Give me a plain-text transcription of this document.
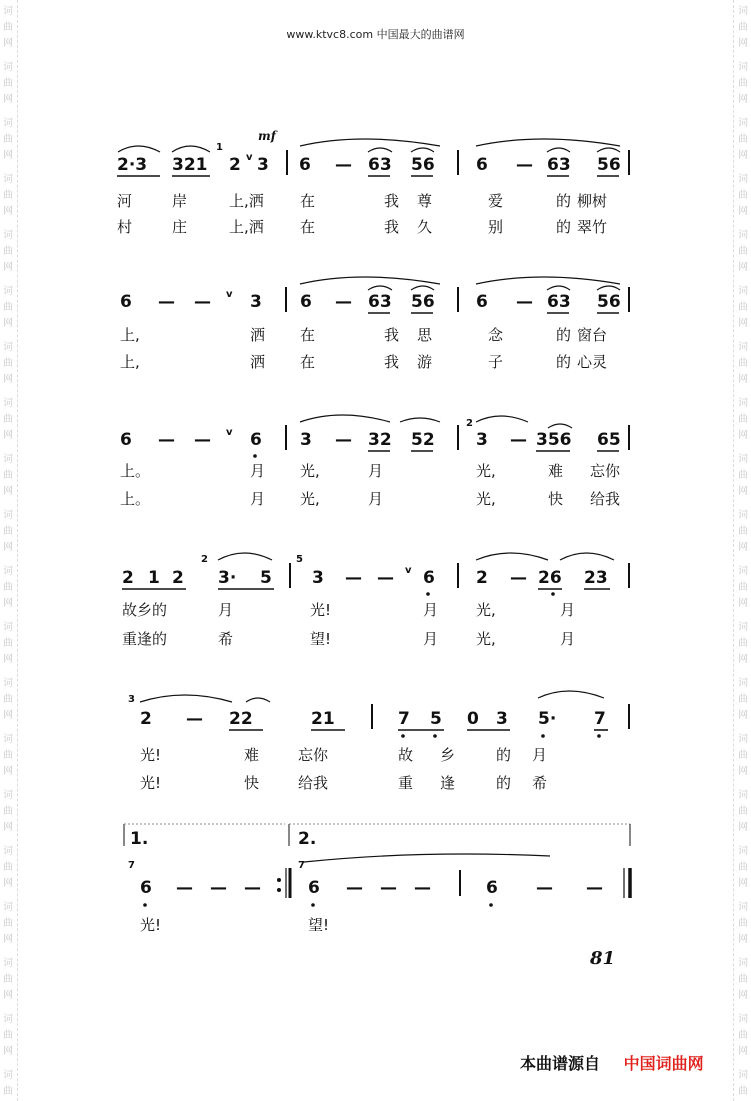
词
曲
网
词
曲
网
词
曲
网
词
曲
网
词
曲
网
词
曲
网
词
曲
网
词
曲
网
词
曲
网
词
曲
网
词
曲
网
词
曲
网
词
曲
网
词
曲
网
词
曲
网
词
曲
网
词
曲
网
词
曲
网
词
曲
网
词
曲
词
曲
网
词
曲
网
词
曲
网
词
曲
网
词
曲
网
词
曲
网
词
曲
网
词
曲
网
词
曲
网
词
曲
网
词
曲
网
词
曲
网
词
曲
网
词
曲
网
词
曲
网
词
曲
网
词
曲
网
词
曲
网
词
曲
网
词
曲
www.ktvc8.com 中国最大的曲谱网
mf
1
2·3 321 2 v 3 6 — 63 56 6 — 63 56
河	岸	上,洒 在	我 尊	爱	的 柳树
村	庄	上,洒 在	我 久	别	的 翠竹
6 — — v 3 6 — 63 56 6 — 63 56
上,	洒 在	我 思	念	的 窗台
上,	洒 在	我 游	子	的 心灵
2
6 — — v 6 3 — 32 52 3 — 356 65
上。	月 光,	月	光,	难 忘你
上。	月 光,	月	光,	快 给我
2	5
2 1 2 3· 5 3 — — v 6 2 — 26 23
故乡的	月	光!	月	光,	月
重逢的	希	望!	月	光,	月
3
2 — 22	21	7 5 0 3 5· 7
光!	难	忘你	故 乡	的 月
光!	快	给我	重 逢	的 希
1.	2.
7	7
6 — — —	6 — — —	6 — —
光!	望!
81
本曲谱源自 中国词曲网
